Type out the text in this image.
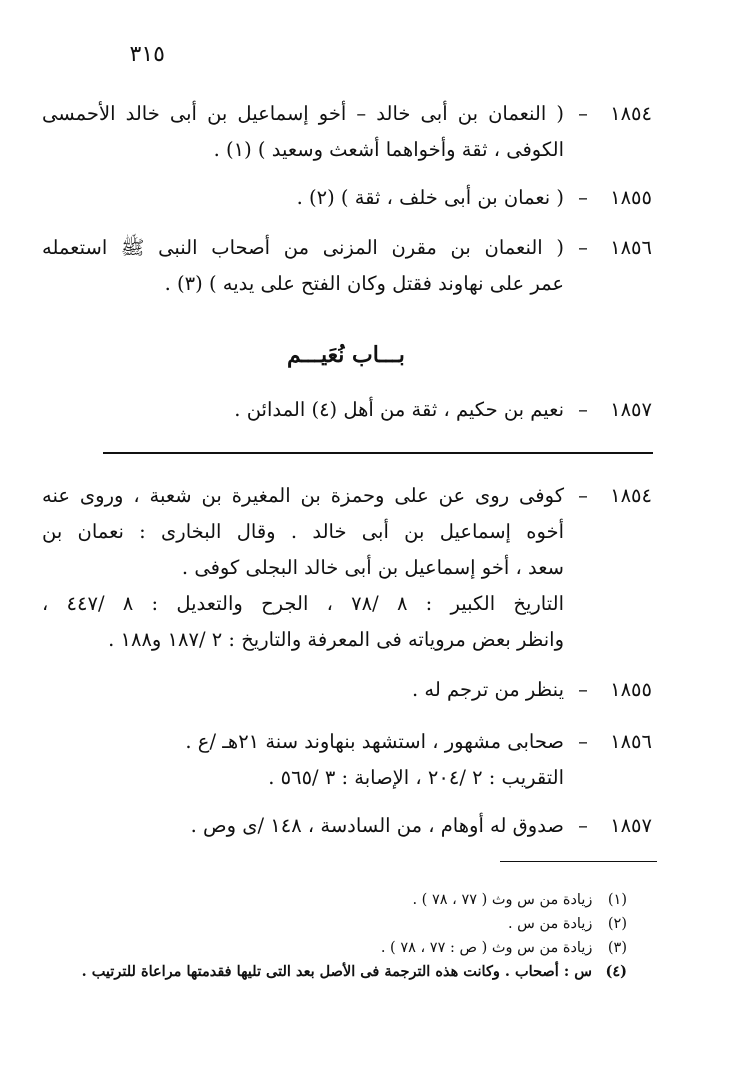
٣١٥
١٨٥٤
–
( النعمان بن أبى خالد – أخو إسماعيل بن أبى خالد الأحمسى
الكوفى ، ثقة وأخواهما أشعث وسعيد ) (١) .
١٨٥٥
–
( نعمان بن أبى خلف ، ثقة ) (٢) .
١٨٥٦
–
( النعمان بن مقرن المزنى من أصحاب النبى ﷺ استعمله
عمر على نهاوند فقتل وكان الفتح على يديه ) (٣) .
بـــاب نُعَيـــم
١٨٥٧
–
نعيم بن حكيم ، ثقة من أهل (٤) المدائن .
١٨٥٤
–
كوفى روى عن على وحمزة بن المغيرة بن شعبة ، وروى عنه
أخوه إسماعيل بن أبى خالد . وقال البخارى : نعمان بن
سعد ، أخو إسماعيل بن أبى خالد البجلى كوفى .
التاريخ الكبير : ٨ /٧٨ ، الجرح والتعديل : ٨ /٤٤٧ ،
وانظر بعض مروياته فى المعرفة والتاريخ : ٢ /١٨٧ و١٨٨ .
١٨٥٥
–
ينظر من ترجم له .
١٨٥٦
–
صحابى مشهور ، استشهد بنهاوند سنة ٢١هـ /ع .
التقريب : ٢ /٢٠٤ ، الإصابة : ٣ /٥٦٥ .
١٨٥٧
–
صدوق له أوهام ، من السادسة ، ١٤٨ /ى وص .
(١) زيادة من س وث ( ٧٧ ، ٧٨ ) .
(٢) زيادة من س .
(٣) زيادة من س وث ( ص : ٧٧ ، ٧٨ ) .
(٤) س : أصحاب . وكانت هذه الترجمة فى الأصل بعد التى تليها فقدمتها مراعاة للترتيب .
